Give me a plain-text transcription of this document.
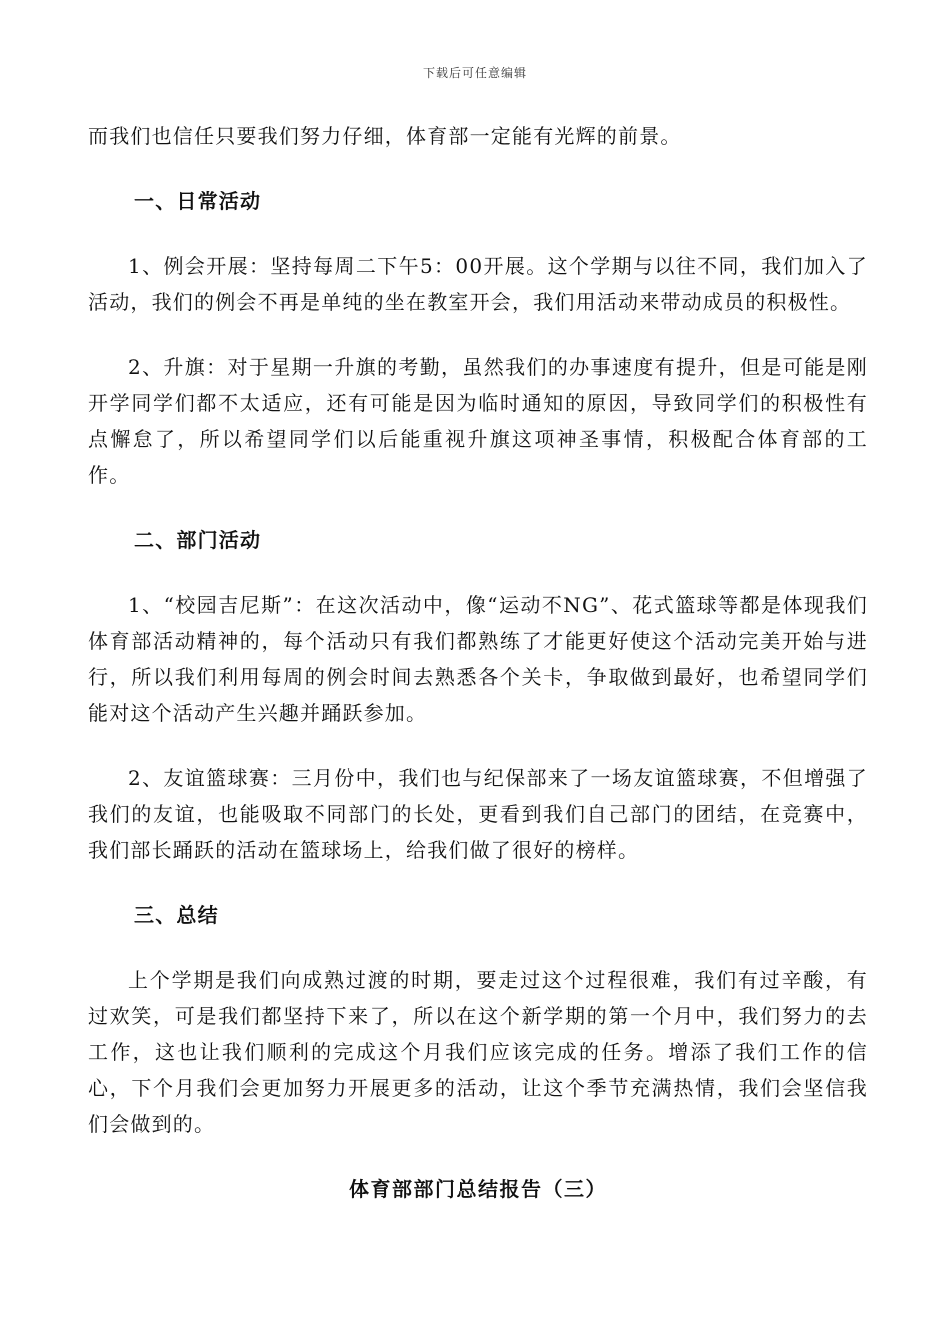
下载后可任意编辑

而我们也信任只要我们努力仔细，体育部一定能有光辉的前景。

一、日常活动

1、例会开展：坚持每周二下午5：00开展。这个学期与以往不同，我们加入了活动，我们的例会不再是单纯的坐在教室开会，我们用活动来带动成员的积极性。

2、升旗：对于星期一升旗的考勤，虽然我们的办事速度有提升，但是可能是刚开学同学们都不太适应，还有可能是因为临时通知的原因，导致同学们的积极性有点懈怠了，所以希望同学们以后能重视升旗这项神圣事情，积极配合体育部的工作。

二、部门活动

1、“校园吉尼斯”：在这次活动中，像“运动不NG”、花式篮球等都是体现我们体育部活动精神的，每个活动只有我们都熟练了才能更好使这个活动完美开始与进行，所以我们利用每周的例会时间去熟悉各个关卡，争取做到最好，也希望同学们能对这个活动产生兴趣并踊跃参加。

2、友谊篮球赛：三月份中，我们也与纪保部来了一场友谊篮球赛，不但增强了我们的友谊，也能吸取不同部门的长处，更看到我们自己部门的团结，在竞赛中，我们部长踊跃的活动在篮球场上，给我们做了很好的榜样。

三、总结

上个学期是我们向成熟过渡的时期，要走过这个过程很难，我们有过辛酸，有过欢笑，可是我们都坚持下来了，所以在这个新学期的第一个月中，我们努力的去工作，这也让我们顺利的完成这个月我们应该完成的任务。增添了我们工作的信心，下个月我们会更加努力开展更多的活动，让这个季节充满热情，我们会坚信我们会做到的。

体育部部门总结报告（三）
